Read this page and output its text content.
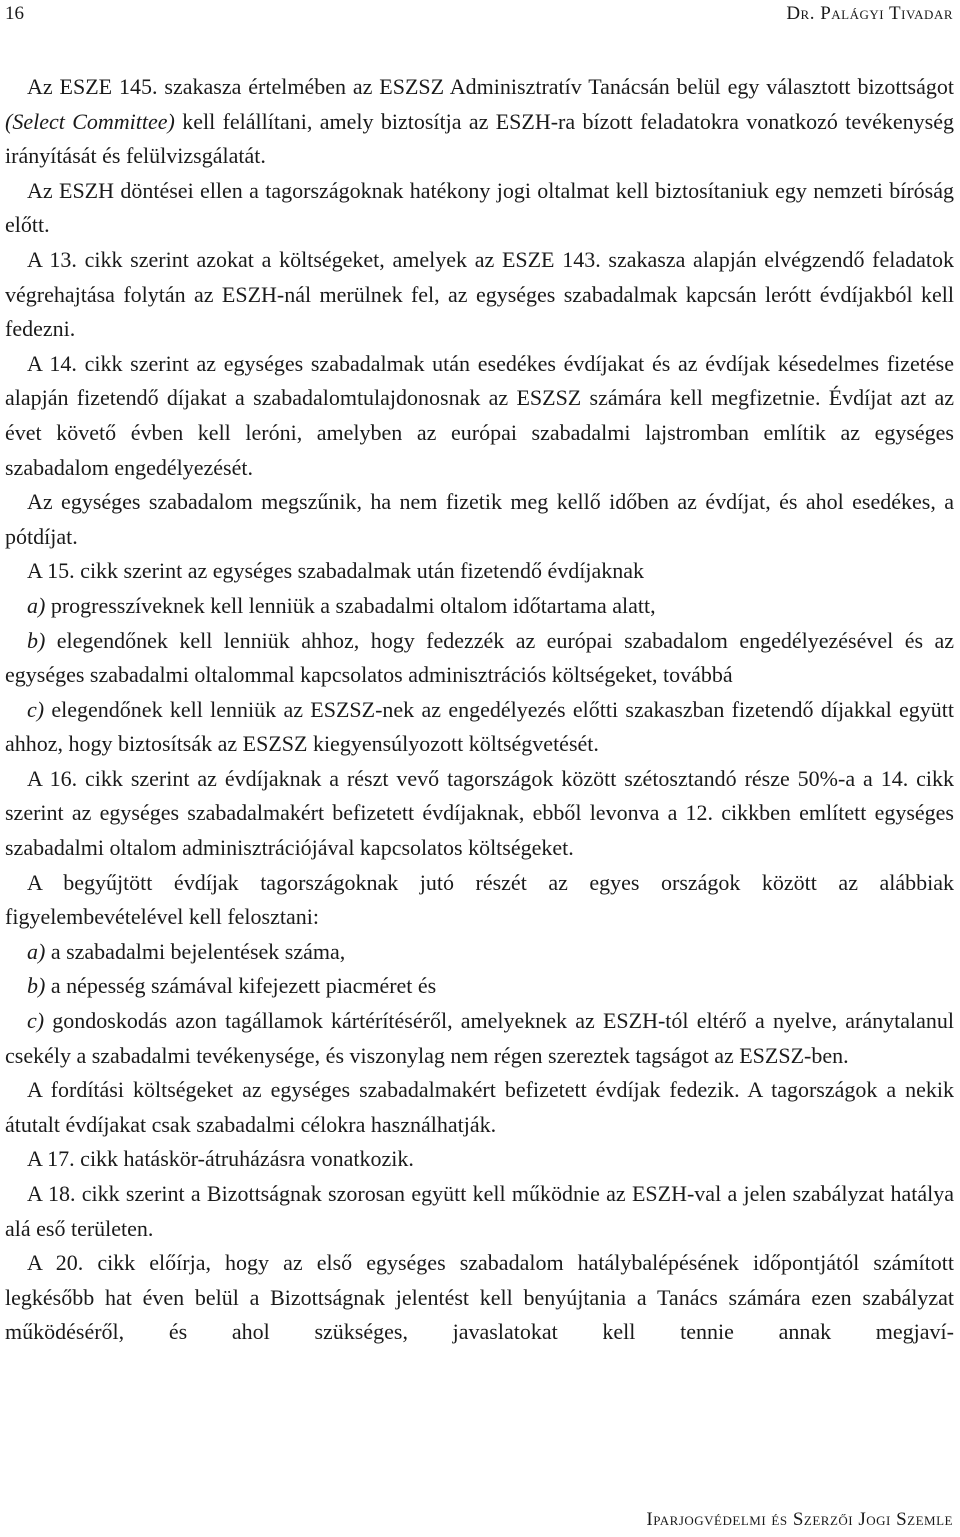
16	Dr. Palágyi Tivadar

Az ESZE 145. szakasza értelmében az ESZSZ Adminisztratív Tanácsán belül egy választott bizottságot (Select Committee) kell felállítani, amely biztosítja az ESZH-ra bízott feladatokra vonatkozó tevékenység irányítását és felülvizsgálatát.

Az ESZH döntései ellen a tagországoknak hatékony jogi oltalmat kell biztosítaniuk egy nemzeti bíróság előtt.

A 13. cikk szerint azokat a költségeket, amelyek az ESZE 143. szakasza alapján elvégzendő feladatok végrehajtása folytán az ESZH-nál merülnek fel, az egységes szabadalmak kapcsán lerótt évdíjakból kell fedezni.

A 14. cikk szerint az egységes szabadalmak után esedékes évdíjakat és az évdíjak késedelmes fizetése alapján fizetendő díjakat a szabadalomtulajdonosnak az ESZSZ számára kell megfizetnie. Évdíjat azt az évet követő évben kell leróni, amelyben az európai szabadalmi lajstromban említik az egységes szabadalom engedélyezését.

Az egységes szabadalom megszűnik, ha nem fizetik meg kellő időben az évdíjat, és ahol esedékes, a pótdíjat.

A 15. cikk szerint az egységes szabadalmak után fizetendő évdíjaknak

a) progresszíveknek kell lenniük a szabadalmi oltalom időtartama alatt,

b) elegendőnek kell lenniük ahhoz, hogy fedezzék az európai szabadalom engedélyezésével és az egységes szabadalmi oltalommal kapcsolatos adminisztrációs költségeket, továbbá

c) elegendőnek kell lenniük az ESZSZ-nek az engedélyezés előtti szakaszban fizetendő díjakkal együtt ahhoz, hogy biztosítsák az ESZSZ kiegyensúlyozott költségvetését.

A 16. cikk szerint az évdíjaknak a részt vevő tagországok között szétosztandó része 50%-a a 14. cikk szerint az egységes szabadalmakért befizetett évdíjaknak, ebből levonva a 12. cikkben említett egységes szabadalmi oltalom adminisztrációjával kapcsolatos költségeket.

A begyűjtött évdíjak tagországoknak jutó részét az egyes országok között az alábbiak figyelembevételével kell felosztani:

a) a szabadalmi bejelentések száma,

b) a népesség számával kifejezett piacméret és

c) gondoskodás azon tagállamok kártérítéséről, amelyeknek az ESZH-tól eltérő a nyelve, aránytalanul csekély a szabadalmi tevékenysége, és viszonylag nem régen szereztek tagságot az ESZSZ-ben.

A fordítási költségeket az egységes szabadalmakért befizetett évdíjak fedezik. A tagországok a nekik átutalt évdíjakat csak szabadalmi célokra használhatják.

A 17. cikk hatáskör-átruházásra vonatkozik.

A 18. cikk szerint a Bizottságnak szorosan együtt kell működnie az ESZH-val a jelen szabályzat hatálya alá eső területen.

A 20. cikk előírja, hogy az első egységes szabadalom hatálybalépésének időpontjától számított legkésőbb hat éven belül a Bizottságnak jelentést kell benyújtania a Tanács számára ezen szabályzat működéséről, és ahol szükséges, javaslatokat kell tennie annak megjaví-

Iparjogvédelmi és Szerzői Jogi Szemle
